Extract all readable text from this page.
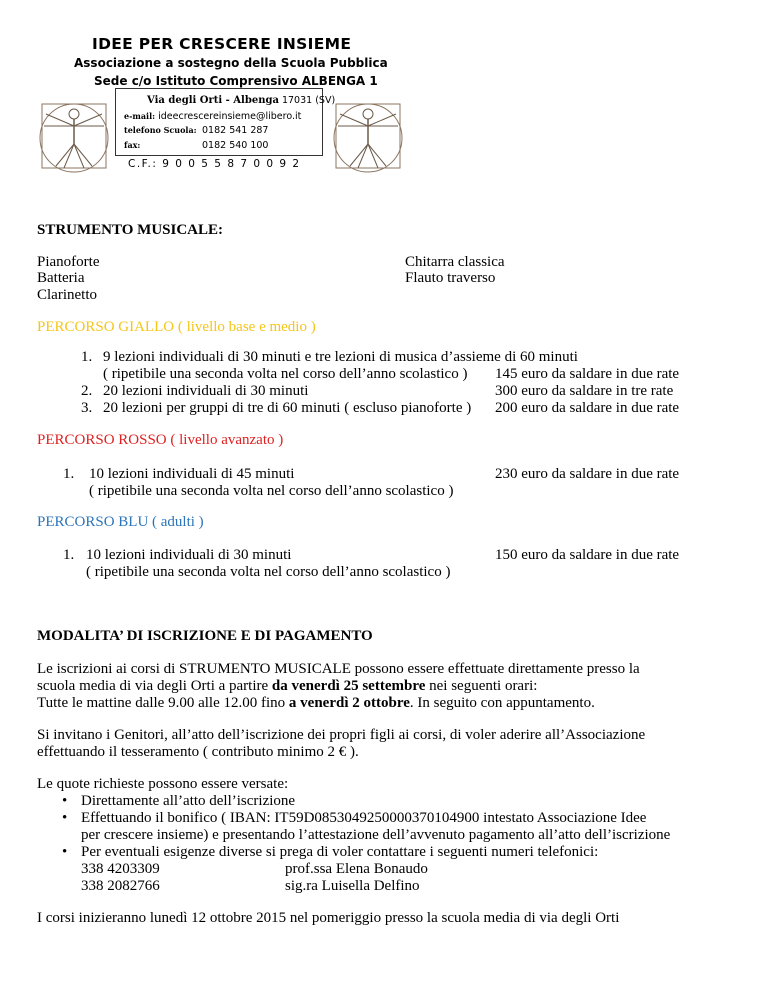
IDEE PER CRESCERE INSIEME
Associazione a sostegno della Scuola Pubblica
Sede c/o Istituto Comprensivo ALBENGA 1
Via degli Orti - Albenga 17031 (SV)
e-mail: ideecrescereinsieme@libero.it
telefono Scuola: 0182 541 287
fax:	0182 540 100
C.F.: 9 0 0 5 5 8 7 0 0 9 2
STRUMENTO MUSICALE:
Pianoforte
Batteria
Clarinetto
Chitarra classica
Flauto traverso
PERCORSO GIALLO ( livello base e medio )
1. 9 lezioni individuali di 30 minuti e tre lezioni di musica d’assieme di 60 minuti
( ripetibile una seconda volta nel corso dell’anno scolastico ) 145 euro da saldare in due rate
2. 20 lezioni individuali di 30 minuti	300 euro da saldare in tre rate
3. 20 lezioni per gruppi di tre di 60 minuti ( escluso pianoforte ) 200 euro da saldare in due rate
PERCORSO ROSSO ( livello avanzato )
1. 10 lezioni individuali di 45 minuti
( ripetibile una seconda volta nel corso dell’anno scolastico )
230 euro da saldare in due rate
PERCORSO BLU ( adulti )
1. 10 lezioni individuali di 30 minuti
( ripetibile una seconda volta nel corso dell’anno scolastico )
150 euro da saldare in due rate
MODALITA’ DI ISCRIZIONE E DI PAGAMENTO
Le iscrizioni ai corsi di STRUMENTO MUSICALE possono essere effettuate direttamente presso la
scuola media di via degli Orti a partire da venerdì 25 settembre nei seguenti orari:
Tutte le mattine dalle 9.00 alle 12.00 fino a venerdì 2 ottobre. In seguito con appuntamento.
Si invitano i Genitori, all’atto dell’iscrizione dei propri figli ai corsi, di voler aderire all’Associazione
effettuando il tesseramento ( contributo minimo 2 € ).
Le quote richieste possono essere versate:
• Direttamente all’atto dell’iscrizione
• Effettuando il bonifico ( IBAN: IT59D0853049250000370104900 intestato Associazione Idee
per crescere insieme) e presentando l’attestazione dell’avvenuto pagamento all’atto dell’iscrizione
• Per eventuali esigenze diverse si prega di voler contattare i seguenti numeri telefonici:
338 4203309	prof.ssa Elena Bonaudo
338 2082766	sig.ra Luisella Delfino
I corsi inizieranno lunedì 12 ottobre 2015 nel pomeriggio presso la scuola media di via degli Orti
